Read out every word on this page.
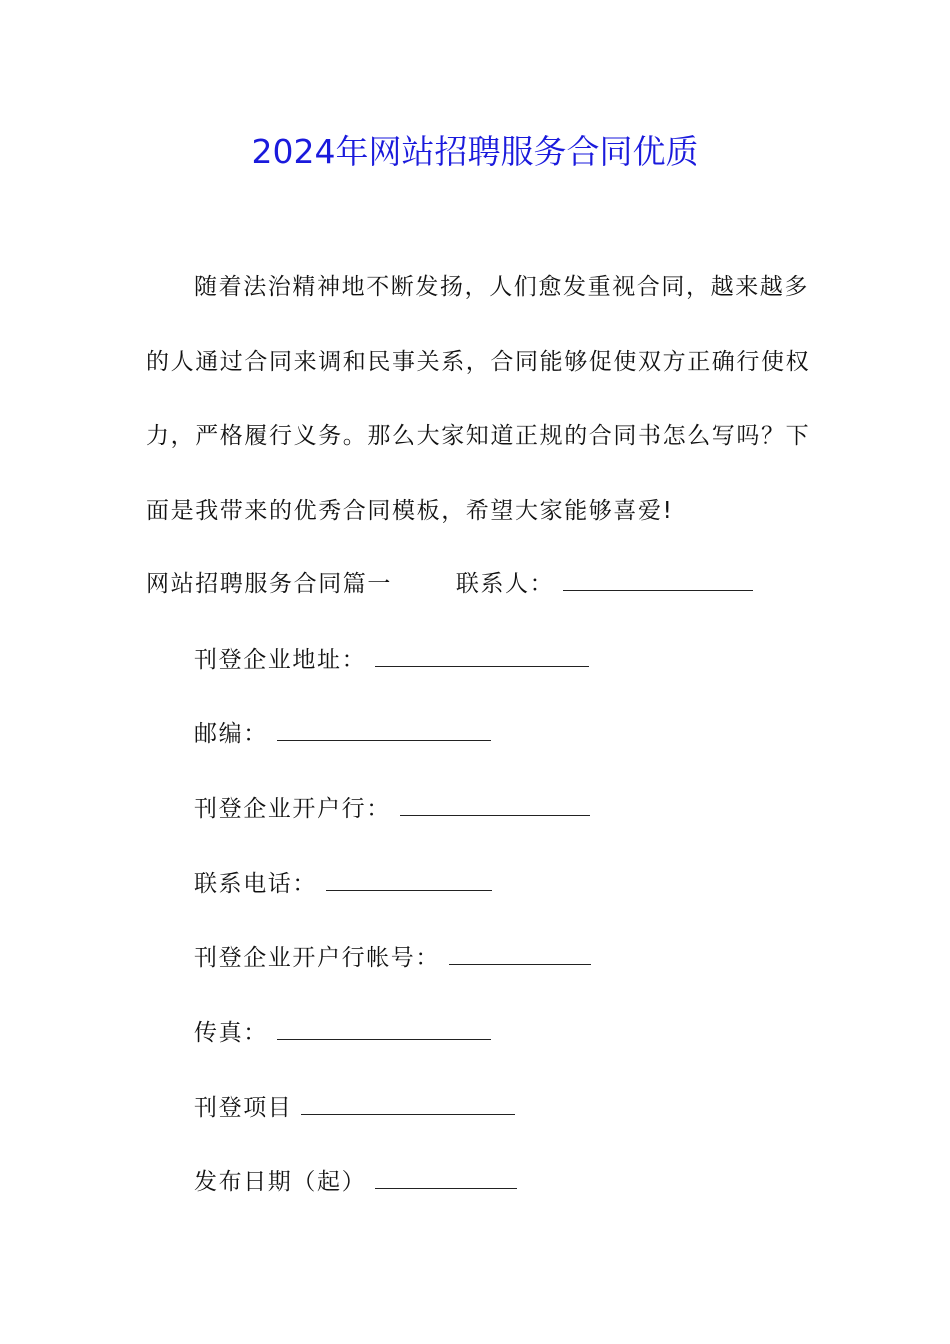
2024年网站招聘服务合同优质
随着法治精神地不断发扬，人们愈发重视合同，越来越多
的人通过合同来调和民事关系，合同能够促使双方正确行使权
力，严格履行义务。那么大家知道正规的合同书怎么写吗？下
面是我带来的优秀合同模板，希望大家能够喜爱!
网站招聘服务合同篇一	联系人：
刊登企业地址：
邮编：
刊登企业开户行：
联系电话：
刊登企业开户行帐号：
传真：
刊登项目
发布日期（起）
